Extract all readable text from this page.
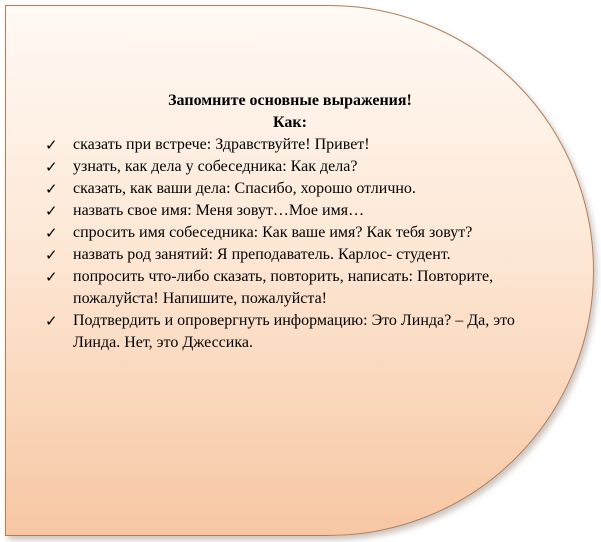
Запомните основные выражения!

Как:

✓ сказать при встрече: Здравствуйте! Привет!
✓ узнать, как дела у собеседника: Как дела?
✓ сказать, как ваши дела: Спасибо, хорошо отлично.
✓ назвать свое имя: Меня зовут…Мое имя…
✓ спросить имя собеседника: Как ваше имя? Как тебя зовут?
✓ назвать род занятий: Я преподаватель. Карлос- студент.
✓ попросить что-либо сказать, повторить, написать: Повторите, пожалуйста! Напишите, пожалуйста!
✓ Подтвердить и опровергнуть информацию: Это Линда? – Да, это Линда. Нет, это Джессика.
